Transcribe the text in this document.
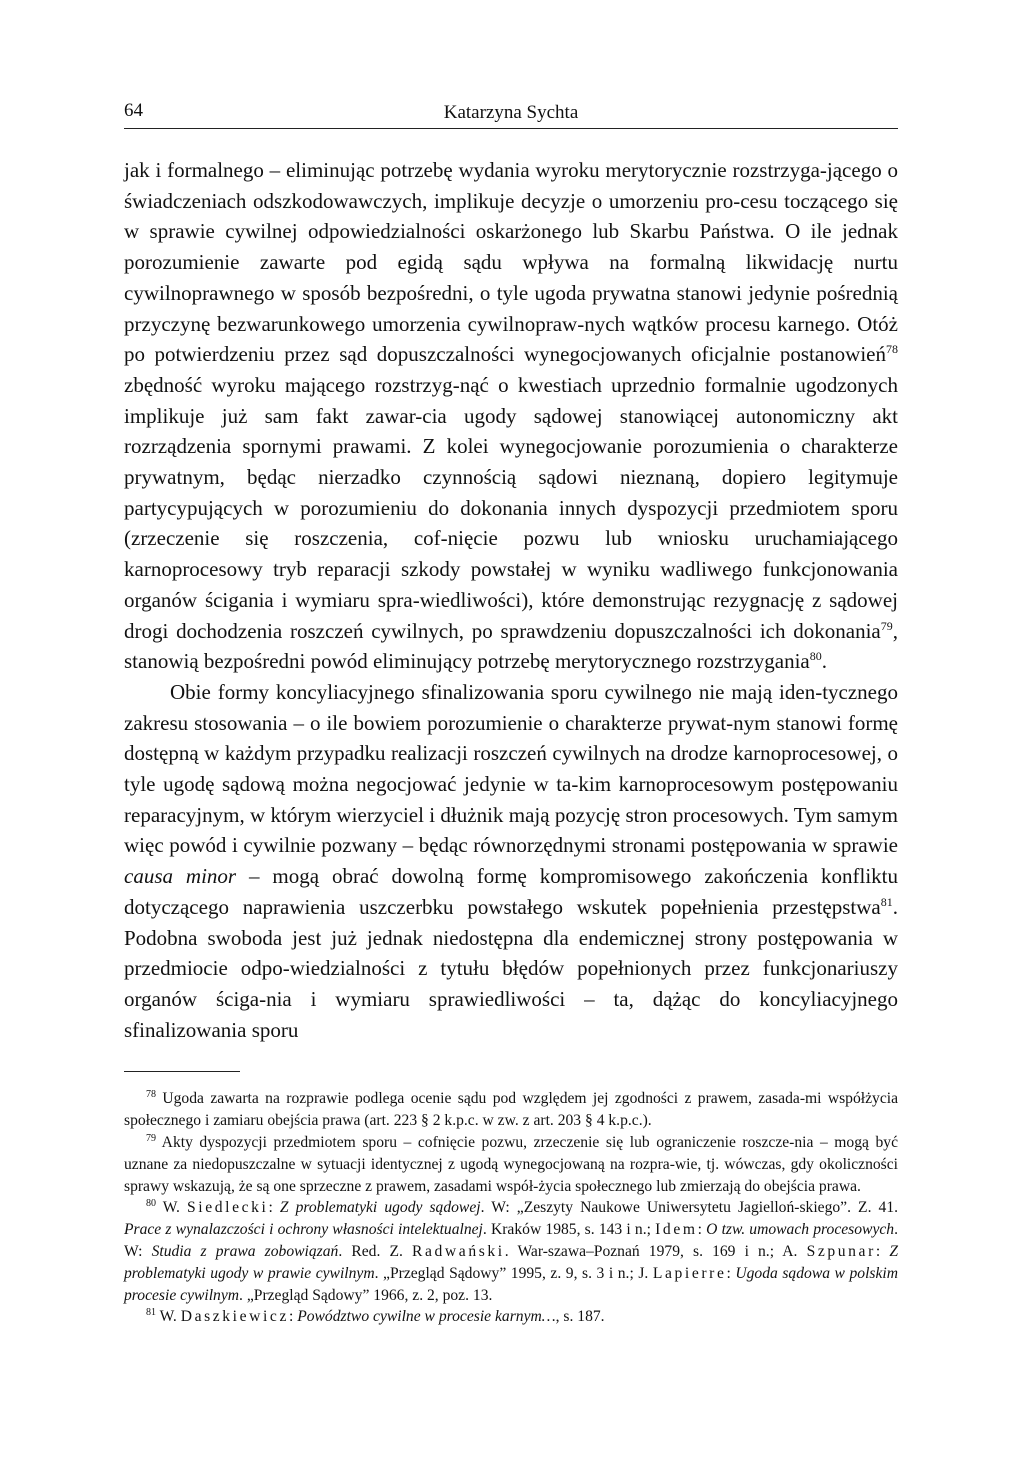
64	Katarzyna Sychta

jak i formalnego – eliminując potrzebę wydania wyroku merytorycznie rozstrzyga-jącego o świadczeniach odszkodowawczych, implikuje decyzje o umorzeniu pro-cesu toczącego się w sprawie cywilnej odpowiedzialności oskarżonego lub Skarbu Państwa. O ile jednak porozumienie zawarte pod egidą sądu wpływa na formalną likwidację nurtu cywilnoprawnego w sposób bezpośredni, o tyle ugoda prywatna stanowi jedynie pośrednią przyczynę bezwarunkowego umorzenia cywilnopraw-nych wątków procesu karnego. Otóż po potwierdzeniu przez sąd dopuszczalności wynegocjowanych oficjalnie postanowień$^{78}$ zbędność wyroku mającego rozstrzyg-nąć o kwestiach uprzednio formalnie ugodzonych implikuje już sam fakt zawar-cia ugody sądowej stanowiącej autonomiczny akt rozrządzenia spornymi prawami. Z kolei wynegocjowanie porozumienia o charakterze prywatnym, będąc nierzadko czynnością sądowi nieznaną, dopiero legitymuje partycypujących w porozumieniu do dokonania innych dyspozycji przedmiotem sporu (zrzeczenie się roszczenia, cof-nięcie pozwu lub wniosku uruchamiającego karnoprocesowy tryb reparacji szkody powstałej w wyniku wadliwego funkcjonowania organów ścigania i wymiaru spra-wiedliwości), które demonstrując rezygnację z sądowej drogi dochodzenia roszczeń cywilnych, po sprawdzeniu dopuszczalności ich dokonania$^{79}$, stanowią bezpośredni powód eliminujący potrzebę merytorycznego rozstrzygania$^{80}$.

Obie formy koncyliacyjnego sfinalizowania sporu cywilnego nie mają iden-tycznego zakresu stosowania – o ile bowiem porozumienie o charakterze prywat-nym stanowi formę dostępną w każdym przypadku realizacji roszczeń cywilnych na drodze karnoprocesowej, o tyle ugodę sądową można negocjować jedynie w ta-kim karnoprocesowym postępowaniu reparacyjnym, w którym wierzyciel i dłużnik mają pozycję stron procesowych. Tym samym więc powód i cywilnie pozwany – będąc równorzędnymi stronami postępowania w sprawie causa minor – mogą obrać dowolną formę kompromisowego zakończenia konfliktu dotyczącego naprawienia uszczerbku powstałego wskutek popełnienia przestępstwa$^{81}$. Podobna swoboda jest już jednak niedostępna dla endemicznej strony postępowania w przedmiocie odpo-wiedzialności z tytułu błędów popełnionych przez funkcjonariuszy organów ściga-nia i wymiaru sprawiedliwości – ta, dążąc do koncyliacyjnego sfinalizowania sporu

$^{78}$ Ugoda zawarta na rozprawie podlega ocenie sądu pod względem jej zgodności z prawem, zasada-mi współżycia społecznego i zamiaru obejścia prawa (art. 223 § 2 k.p.c. w zw. z art. 203 § 4 k.p.c.).

$^{79}$ Akty dyspozycji przedmiotem sporu – cofnięcie pozwu, zrzeczenie się lub ograniczenie roszcze-nia – mogą być uznane za niedopuszczalne w sytuacji identycznej z ugodą wynegocjowaną na rozpra-wie, tj. wówczas, gdy okoliczności sprawy wskazują, że są one sprzeczne z prawem, zasadami współ-życia społecznego lub zmierzają do obejścia prawa.

$^{80}$ W. Siedlecki: Z problematyki ugody sądowej. W: „Zeszyty Naukowe Uniwersytetu Jagielloń-skiego”. Z. 41. Prace z wynalazczości i ochrony własności intelektualnej. Kraków 1985, s. 143 i n.; Idem: O tzw. umowach procesowych. W: Studia z prawa zobowiązań. Red. Z. Radwański. War-szawa–Poznań 1979, s. 169 i n.; A. Szpunar: Z problematyki ugody w prawie cywilnym. „Przegląd Sądowy” 1995, z. 9, s. 3 i n.; J. Lapierre: Ugoda sądowa w polskim procesie cywilnym. „Przegląd Sądowy” 1966, z. 2, poz. 13.

$^{81}$ W. Daszkiewicz: Powództwo cywilne w procesie karnym…, s. 187.
